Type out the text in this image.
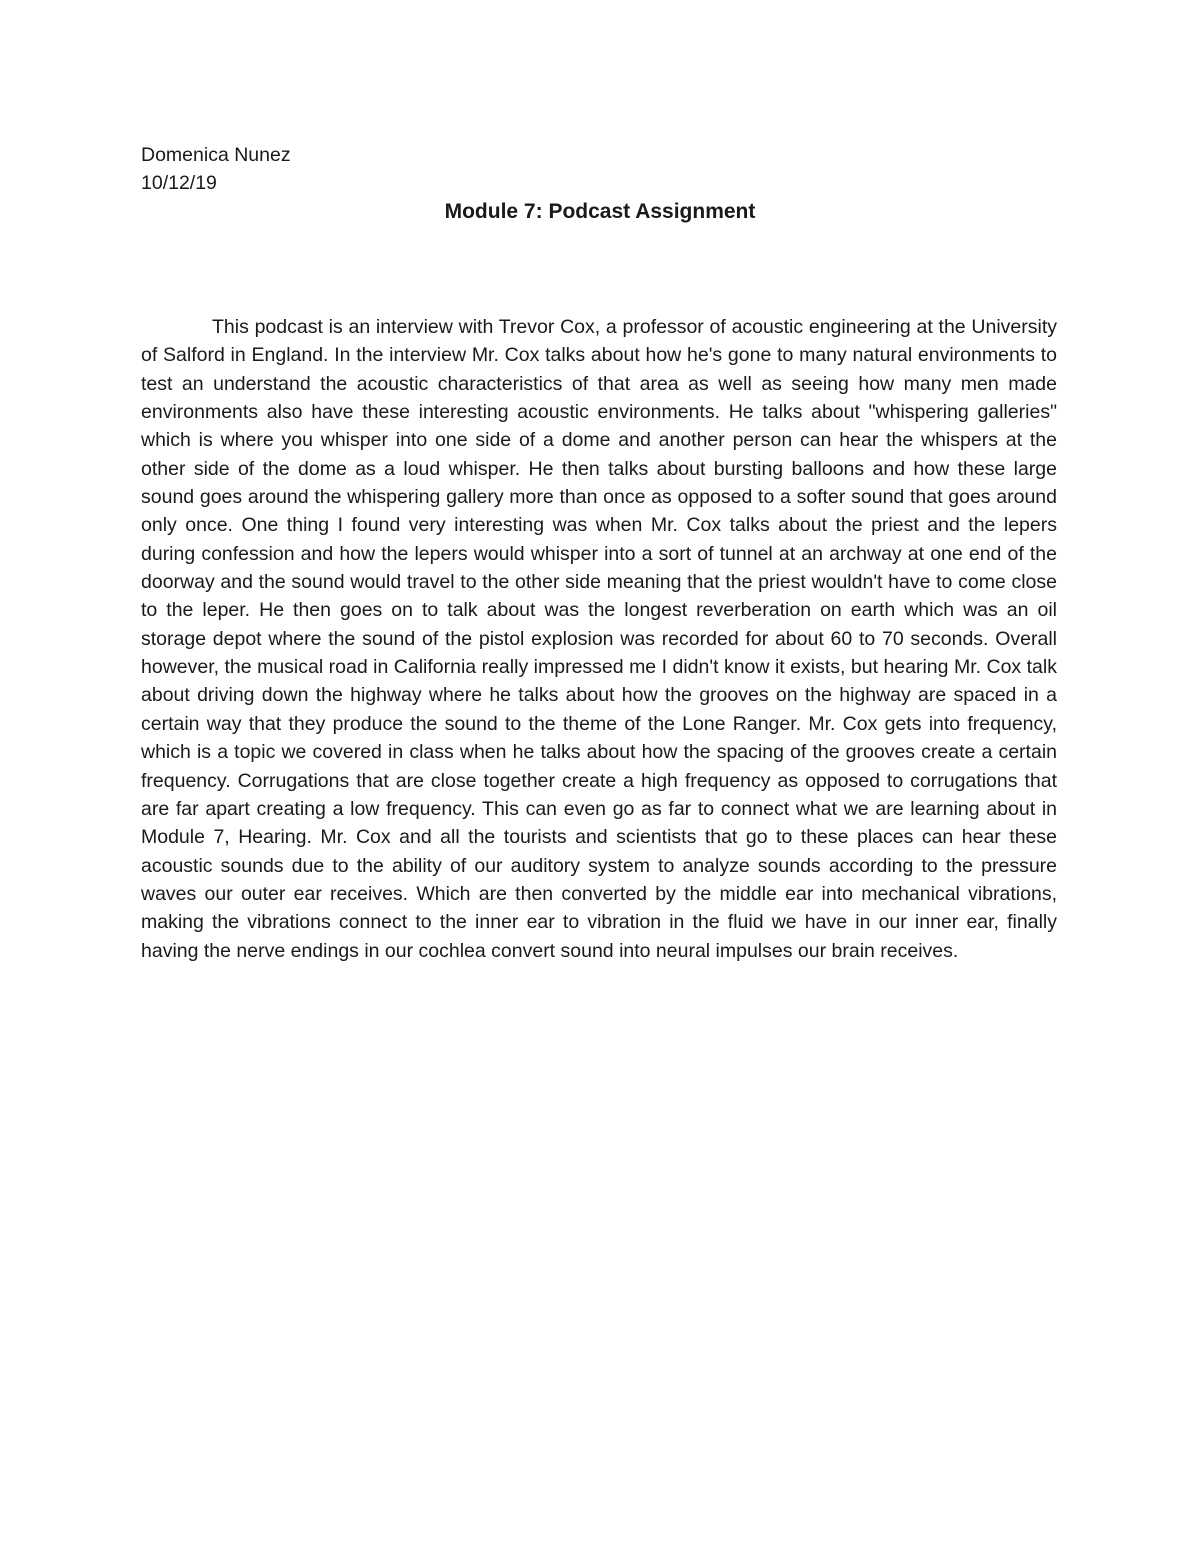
Domenica Nunez
10/12/19
Module 7: Podcast Assignment

This podcast is an interview with Trevor Cox, a professor of acoustic engineering at the University of Salford in England. In the interview Mr. Cox talks about how he's gone to many natural environments to test an understand the acoustic characteristics of that area as well as seeing how many men made environments also have these interesting acoustic environments. He talks about "whispering galleries" which is where you whisper into one side of a dome and another person can hear the whispers at the other side of the dome as a loud whisper. He then talks about bursting balloons and how these large sound goes around the whispering gallery more than once as opposed to a softer sound that goes around only once. One thing I found very interesting was when Mr. Cox talks about the priest and the lepers during confession and how the lepers would whisper into a sort of tunnel at an archway at one end of the doorway and the sound would travel to the other side meaning that the priest wouldn't have to come close to the leper. He then goes on to talk about was the longest reverberation on earth which was an oil storage depot where the sound of the pistol explosion was recorded for about 60 to 70 seconds. Overall however, the musical road in California really impressed me I didn't know it exists, but hearing Mr. Cox talk about driving down the highway where he talks about how the grooves on the highway are spaced in a certain way that they produce the sound to the theme of the Lone Ranger. Mr. Cox gets into frequency, which is a topic we covered in class when he talks about how the spacing of the grooves create a certain frequency. Corrugations that are close together create a high frequency as opposed to corrugations that are far apart creating a low frequency. This can even go as far to connect what we are learning about in Module 7, Hearing. Mr. Cox and all the tourists and scientists that go to these places can hear these acoustic sounds due to the ability of our auditory system to analyze sounds according to the pressure waves our outer ear receives. Which are then converted by the middle ear into mechanical vibrations, making the vibrations connect to the inner ear to vibration in the fluid we have in our inner ear, finally having the nerve endings in our cochlea convert sound into neural impulses our brain receives.
